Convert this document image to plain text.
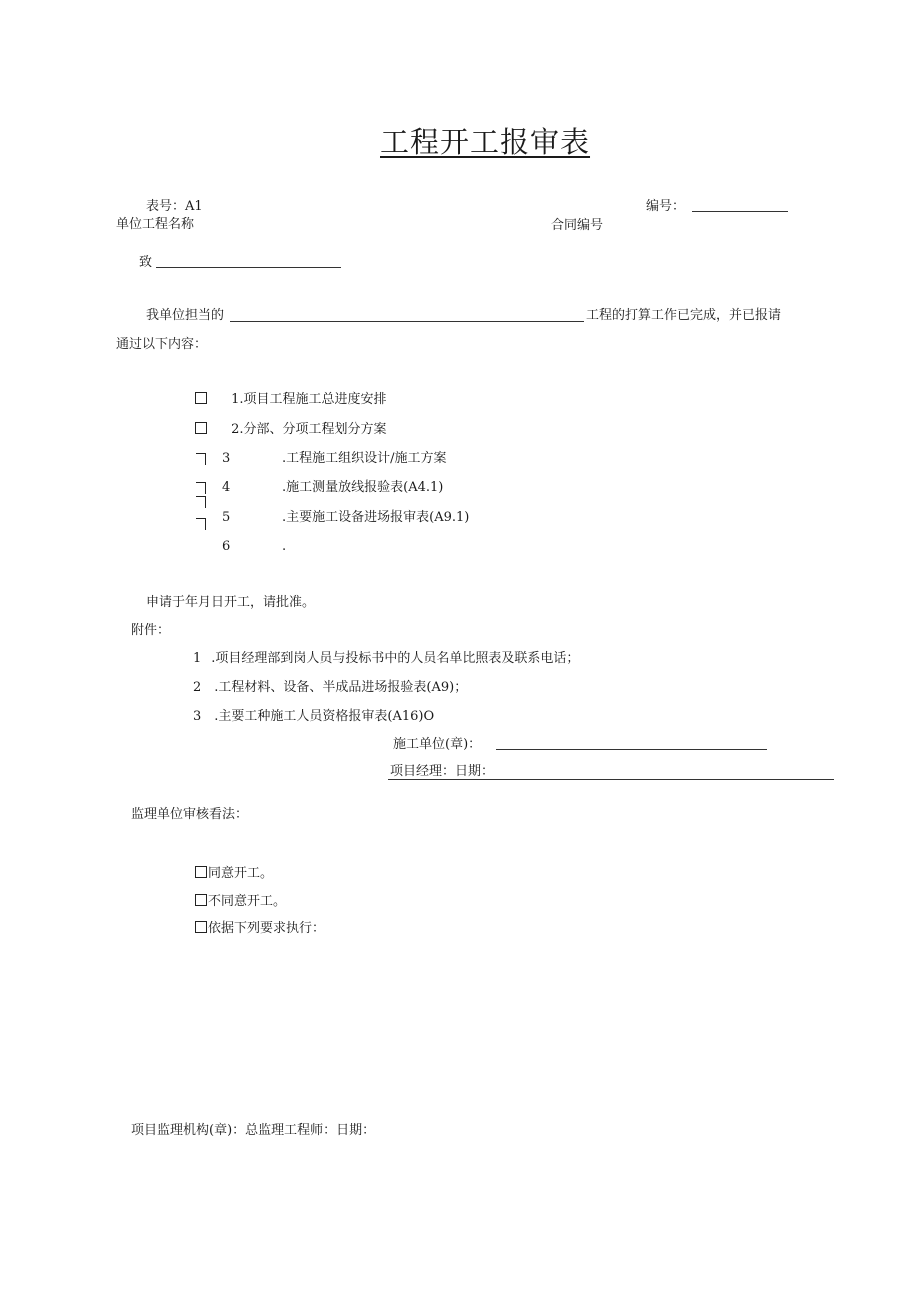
工程开工报审表
表号：A1	编号：
单位工程名称	合同编号
致
我单位担当的	工程的打算工作已完成，并已报请
通过以下内容：
1.项目工程施工总进度安排
2.分部、分项工程划分方案
3	.工程施工组织设计/施工方案
4	.施工测量放线报验表(A4.1)
5	.主要施工设备进场报审表(A9.1)
6	.
申请于年月日开工，请批准。
附件：
1 .项目经理部到岗人员与投标书中的人员名单比照表及联系电话；
2 .工程材料、设备、半成品进场报验表(A9)；
3 .主要工种施工人员资格报审表(A16)O
施工单位(章)：
项目经理：日期：
监理单位审核看法：
同意开工。
不同意开工。
依据下列要求执行：
项目监理机构(章)：总监理工程师：日期：
